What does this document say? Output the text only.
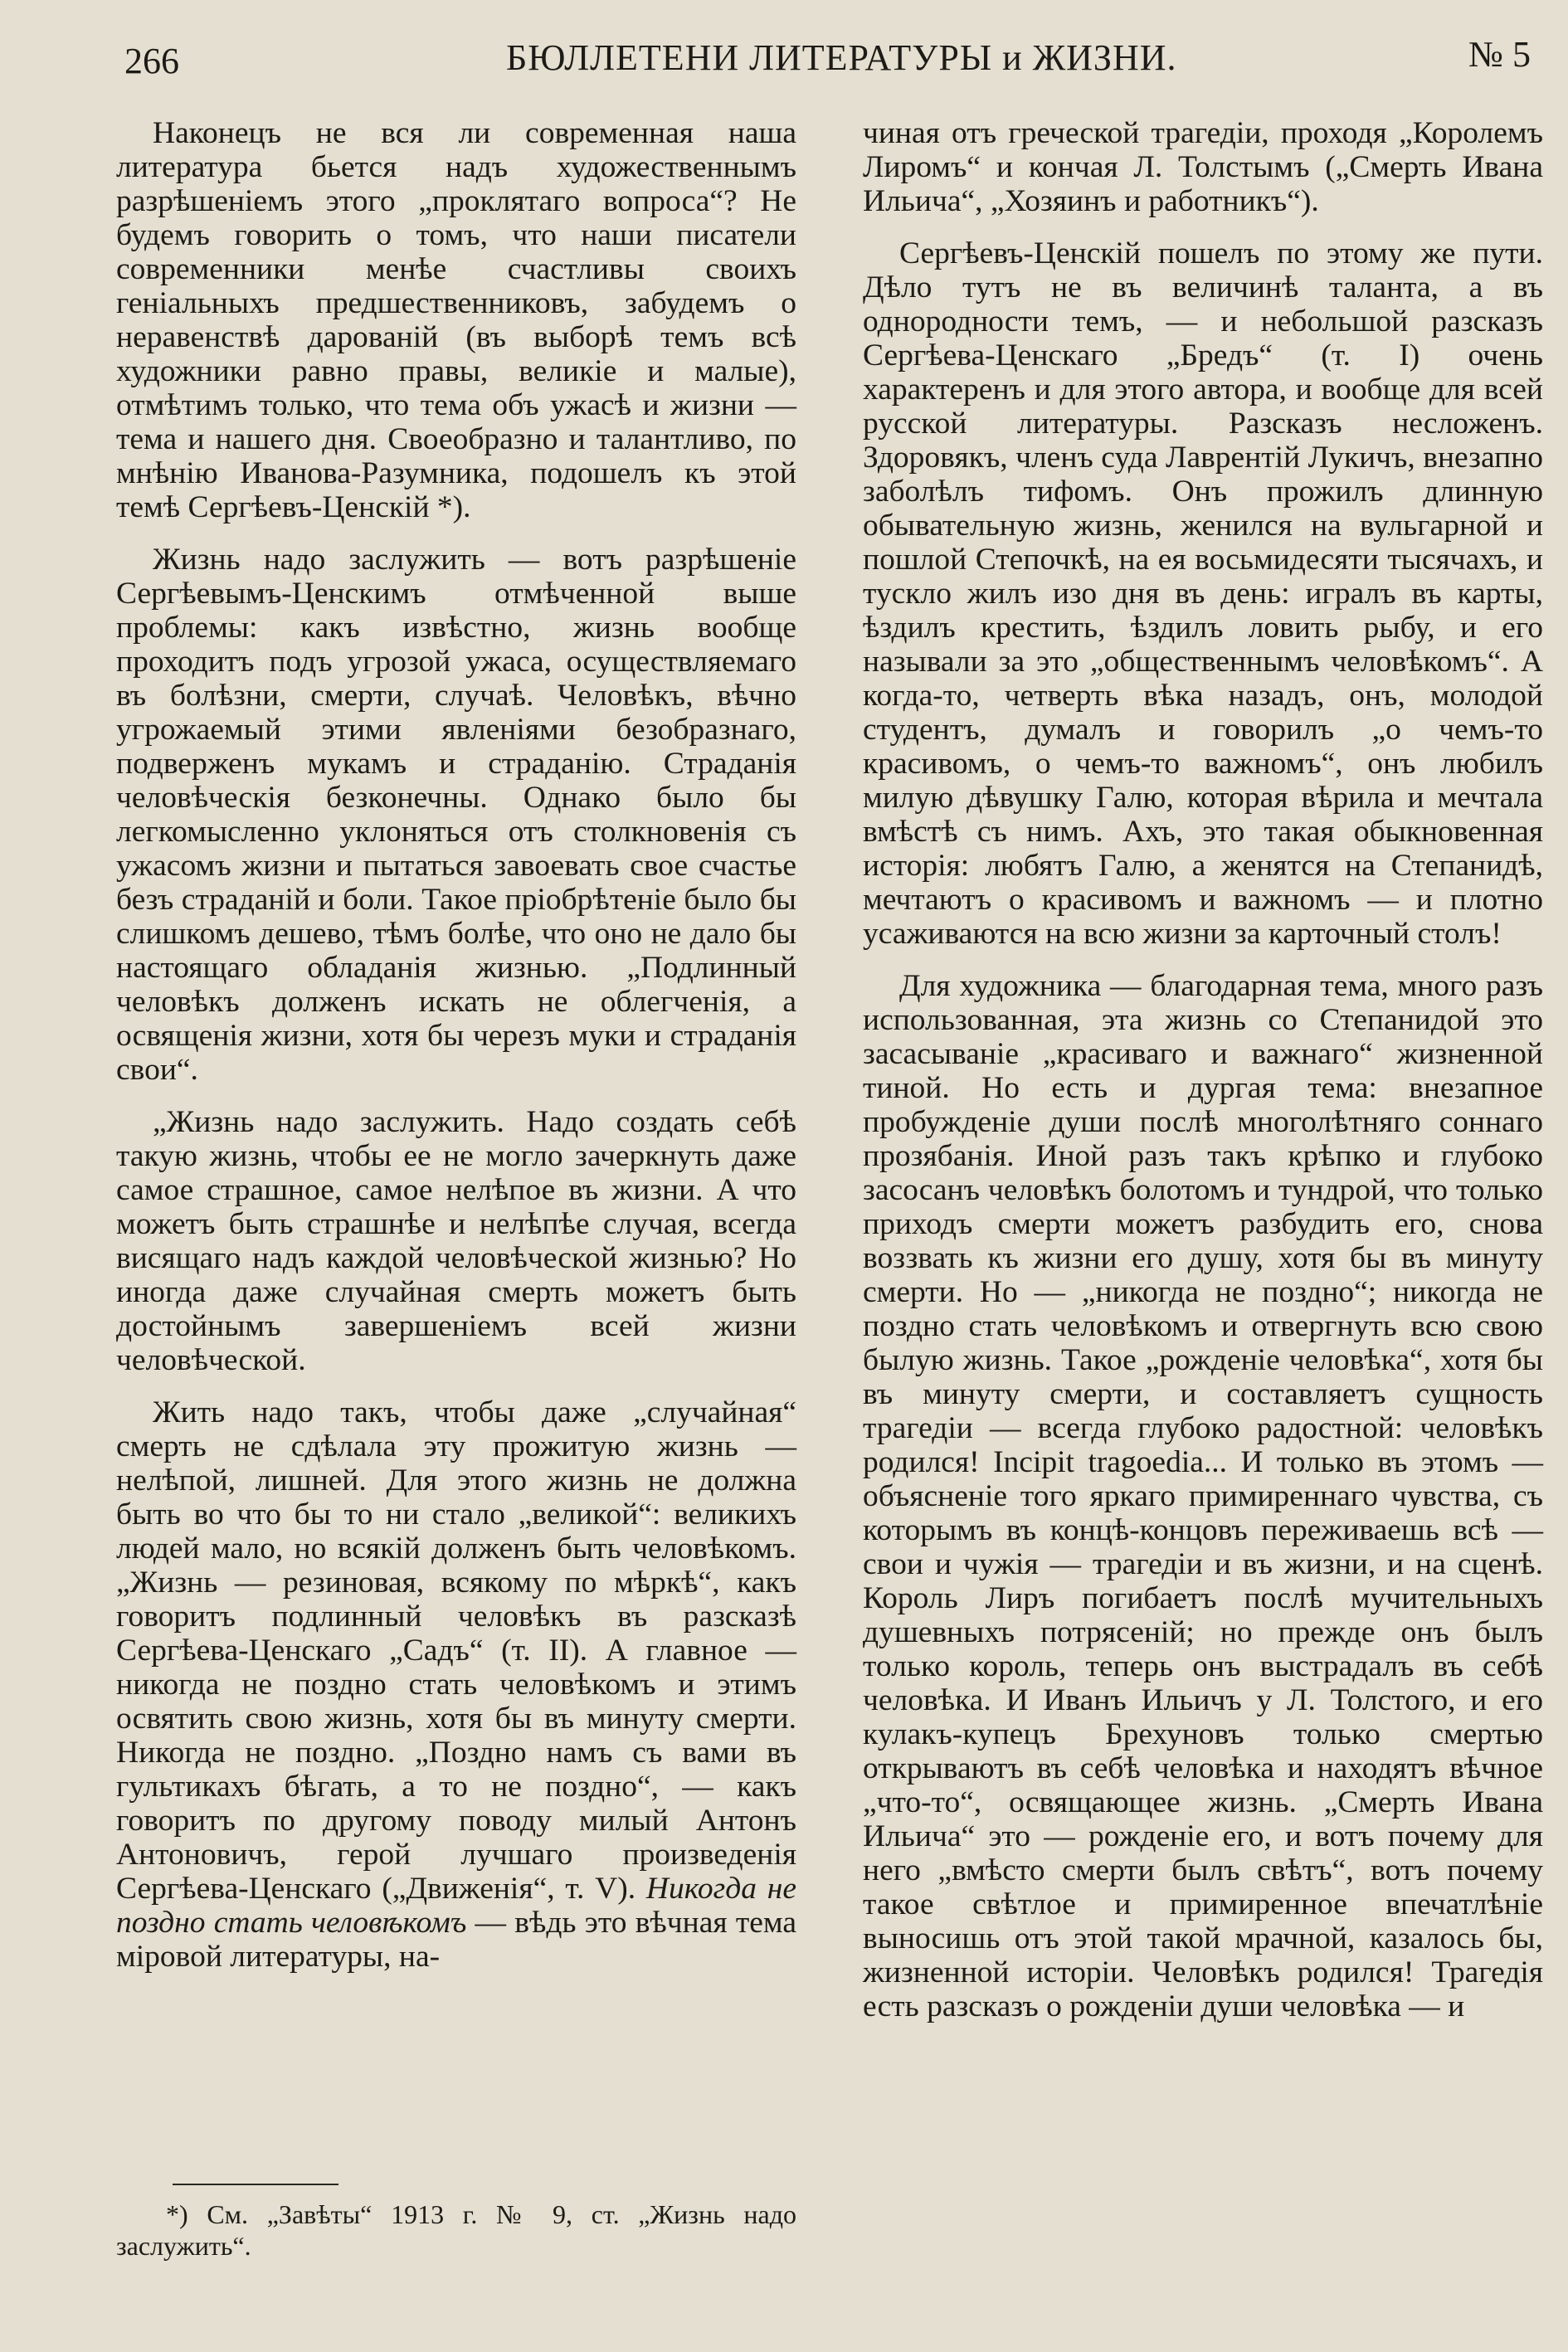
266	БЮЛЛЕТЕНИ ЛИТЕРАТУРЫ и ЖИЗНИ.	№ 5

Наконецъ не вся ли современная наша литература бьется надъ художественнымъ разрѣшеніемъ этого „проклятаго вопроса“? Не будемъ говорить о томъ, что наши писатели современники менѣе счастливы своихъ геніальныхъ предшественниковъ, забудемъ о неравенствѣ дарованій (въ выборѣ темъ всѣ художники равно правы, великіе и малые), отмѣтимъ только, что тема объ ужасѣ и жизни — тема и нашего дня. Своеобразно и талантливо, по мнѣнію Иванова-Разумника, подошелъ къ этой темѣ Сергѣевъ-Ценскій *).

Жизнь надо заслужить — вотъ разрѣшеніе Сергѣевымъ-Ценскимъ отмѣченной выше проблемы: какъ извѣстно, жизнь вообще проходитъ подъ угрозой ужаса, осуществляемаго въ болѣзни, смерти, случаѣ. Человѣкъ, вѣчно угрожаемый этими явленіями безобразнаго, подверженъ мукамъ и страданію. Страданія человѣческія безконечны. Однако было бы легкомысленно уклоняться отъ столкновенія съ ужасомъ жизни и пытаться завоевать свое счастье безъ страданій и боли. Такое пріобрѣтеніе было бы слишкомъ дешево, тѣмъ болѣе, что оно не дало бы настоящаго обладанія жизнью. „Подлинный человѣкъ долженъ искать не облегченія, а освященія жизни, хотя бы черезъ муки и страданія свои“.

„Жизнь надо заслужить. Надо создать себѣ такую жизнь, чтобы ее не могло зачеркнуть даже самое страшное, самое нелѣпое въ жизни. А что можетъ быть страшнѣе и нелѣпѣе случая, всегда висящаго надъ каждой человѣческой жизнью? Но иногда даже случайная смерть можетъ быть достойнымъ завершеніемъ всей жизни человѣческой.

Жить надо такъ, чтобы даже „случайная“ смерть не сдѣлала эту прожитую жизнь — нелѣпой, лишней. Для этого жизнь не должна быть во что бы то ни стало „великой“: великихъ людей мало, но всякій долженъ быть человѣкомъ. „Жизнь — резиновая, всякому по мѣркѣ“, какъ говоритъ подлинный человѣкъ въ разсказѣ Сергѣева-Ценскаго „Садъ“ (т. II). А главное — никогда не поздно стать человѣкомъ и этимъ освятить свою жизнь, хотя бы въ минуту смерти. Никогда не поздно. „Поздно намъ съ вами въ гультикахъ бѣгать, а то не поздно“, — какъ говоритъ по другому поводу милый Антонъ Антоновичъ, герой лучшаго произведенія Сергѣева-Ценскаго („Движенія“, т. V). Никогда не поздно стать человѣкомъ — вѣдь это вѣчная тема міровой литературы, на-

чиная отъ греческой трагедіи, проходя „Королемъ Лиромъ“ и кончая Л. Толстымъ („Смерть Ивана Ильича“, „Хозяинъ и работникъ“).

Сергѣевъ-Ценскій пошелъ по этому же пути. Дѣло тутъ не въ величинѣ таланта, а въ однородности темъ, — и небольшой разсказъ Сергѣева-Ценскаго „Бредъ“ (т. I) очень характеренъ и для этого автора, и вообще для всей русской литературы. Разсказъ несложенъ. Здоровякъ, членъ суда Лаврентій Лукичъ, внезапно заболѣлъ тифомъ. Онъ прожилъ длинную обывательную жизнь, женился на вульгарной и пошлой Степочкѣ, на ея восьмидесяти тысячахъ, и тускло жилъ изо дня въ день: игралъ въ карты, ѣздилъ крестить, ѣздилъ ловить рыбу, и его называли за это „общественнымъ человѣкомъ“. А когда-то, четверть вѣка назадъ, онъ, молодой студентъ, думалъ и говорилъ „о чемъ-то красивомъ, о чемъ-то важномъ“, онъ любилъ милую дѣвушку Галю, которая вѣрила и мечтала вмѣстѣ съ нимъ. Ахъ, это такая обыкновенная исторія: любятъ Галю, а женятся на Степанидѣ, мечтаютъ о красивомъ и важномъ — и плотно усаживаются на всю жизни за карточный столъ!

Для художника — благодарная тема, много разъ использованная, эта жизнь со Степанидой это засасываніе „красиваго и важнаго“ жизненной тиной. Но есть и дургая тема: внезапное пробужденіе души послѣ многолѣтняго соннаго прозябанія. Иной разъ такъ крѣпко и глубоко засосанъ человѣкъ болотомъ и тундрой, что только приходъ смерти можетъ разбудить его, снова воззвать къ жизни его душу, хотя бы въ минуту смерти. Но — „никогда не поздно“; никогда не поздно стать человѣкомъ и отвергнуть всю свою былую жизнь. Такое „рожденіе человѣка“, хотя бы въ минуту смерти, и составляетъ сущность трагедіи — всегда глубоко радостной: человѣкъ родился! Incipit tragoedia... И только въ этомъ — объясненіе того яркаго примиреннаго чувства, съ которымъ въ концѣ-концовъ переживаешь всѣ — свои и чужія — трагедіи и въ жизни, и на сценѣ. Король Лиръ погибаетъ послѣ мучительныхъ душевныхъ потрясеній; но прежде онъ былъ только король, теперь онъ выстрадалъ въ себѣ человѣка. И Иванъ Ильичъ у Л. Толстого, и его кулакъ-купецъ Брехуновъ только смертью открываютъ въ себѣ человѣка и находятъ вѣчное „что-то“, освящающее жизнь. „Смерть Ивана Ильича“ это — рожденіе его, и вотъ почему для него „вмѣсто смерти былъ свѣтъ“, вотъ почему такое свѣтлое и примиренное впечатлѣніе выносишь отъ этой такой мрачной, казалось бы, жизненной исторіи. Человѣкъ родился! Трагедія есть разсказъ о рожденіи души человѣка — и

*) См. „Завѣты“ 1913 г. № 9, ст. „Жизнь надо заслужить“.
